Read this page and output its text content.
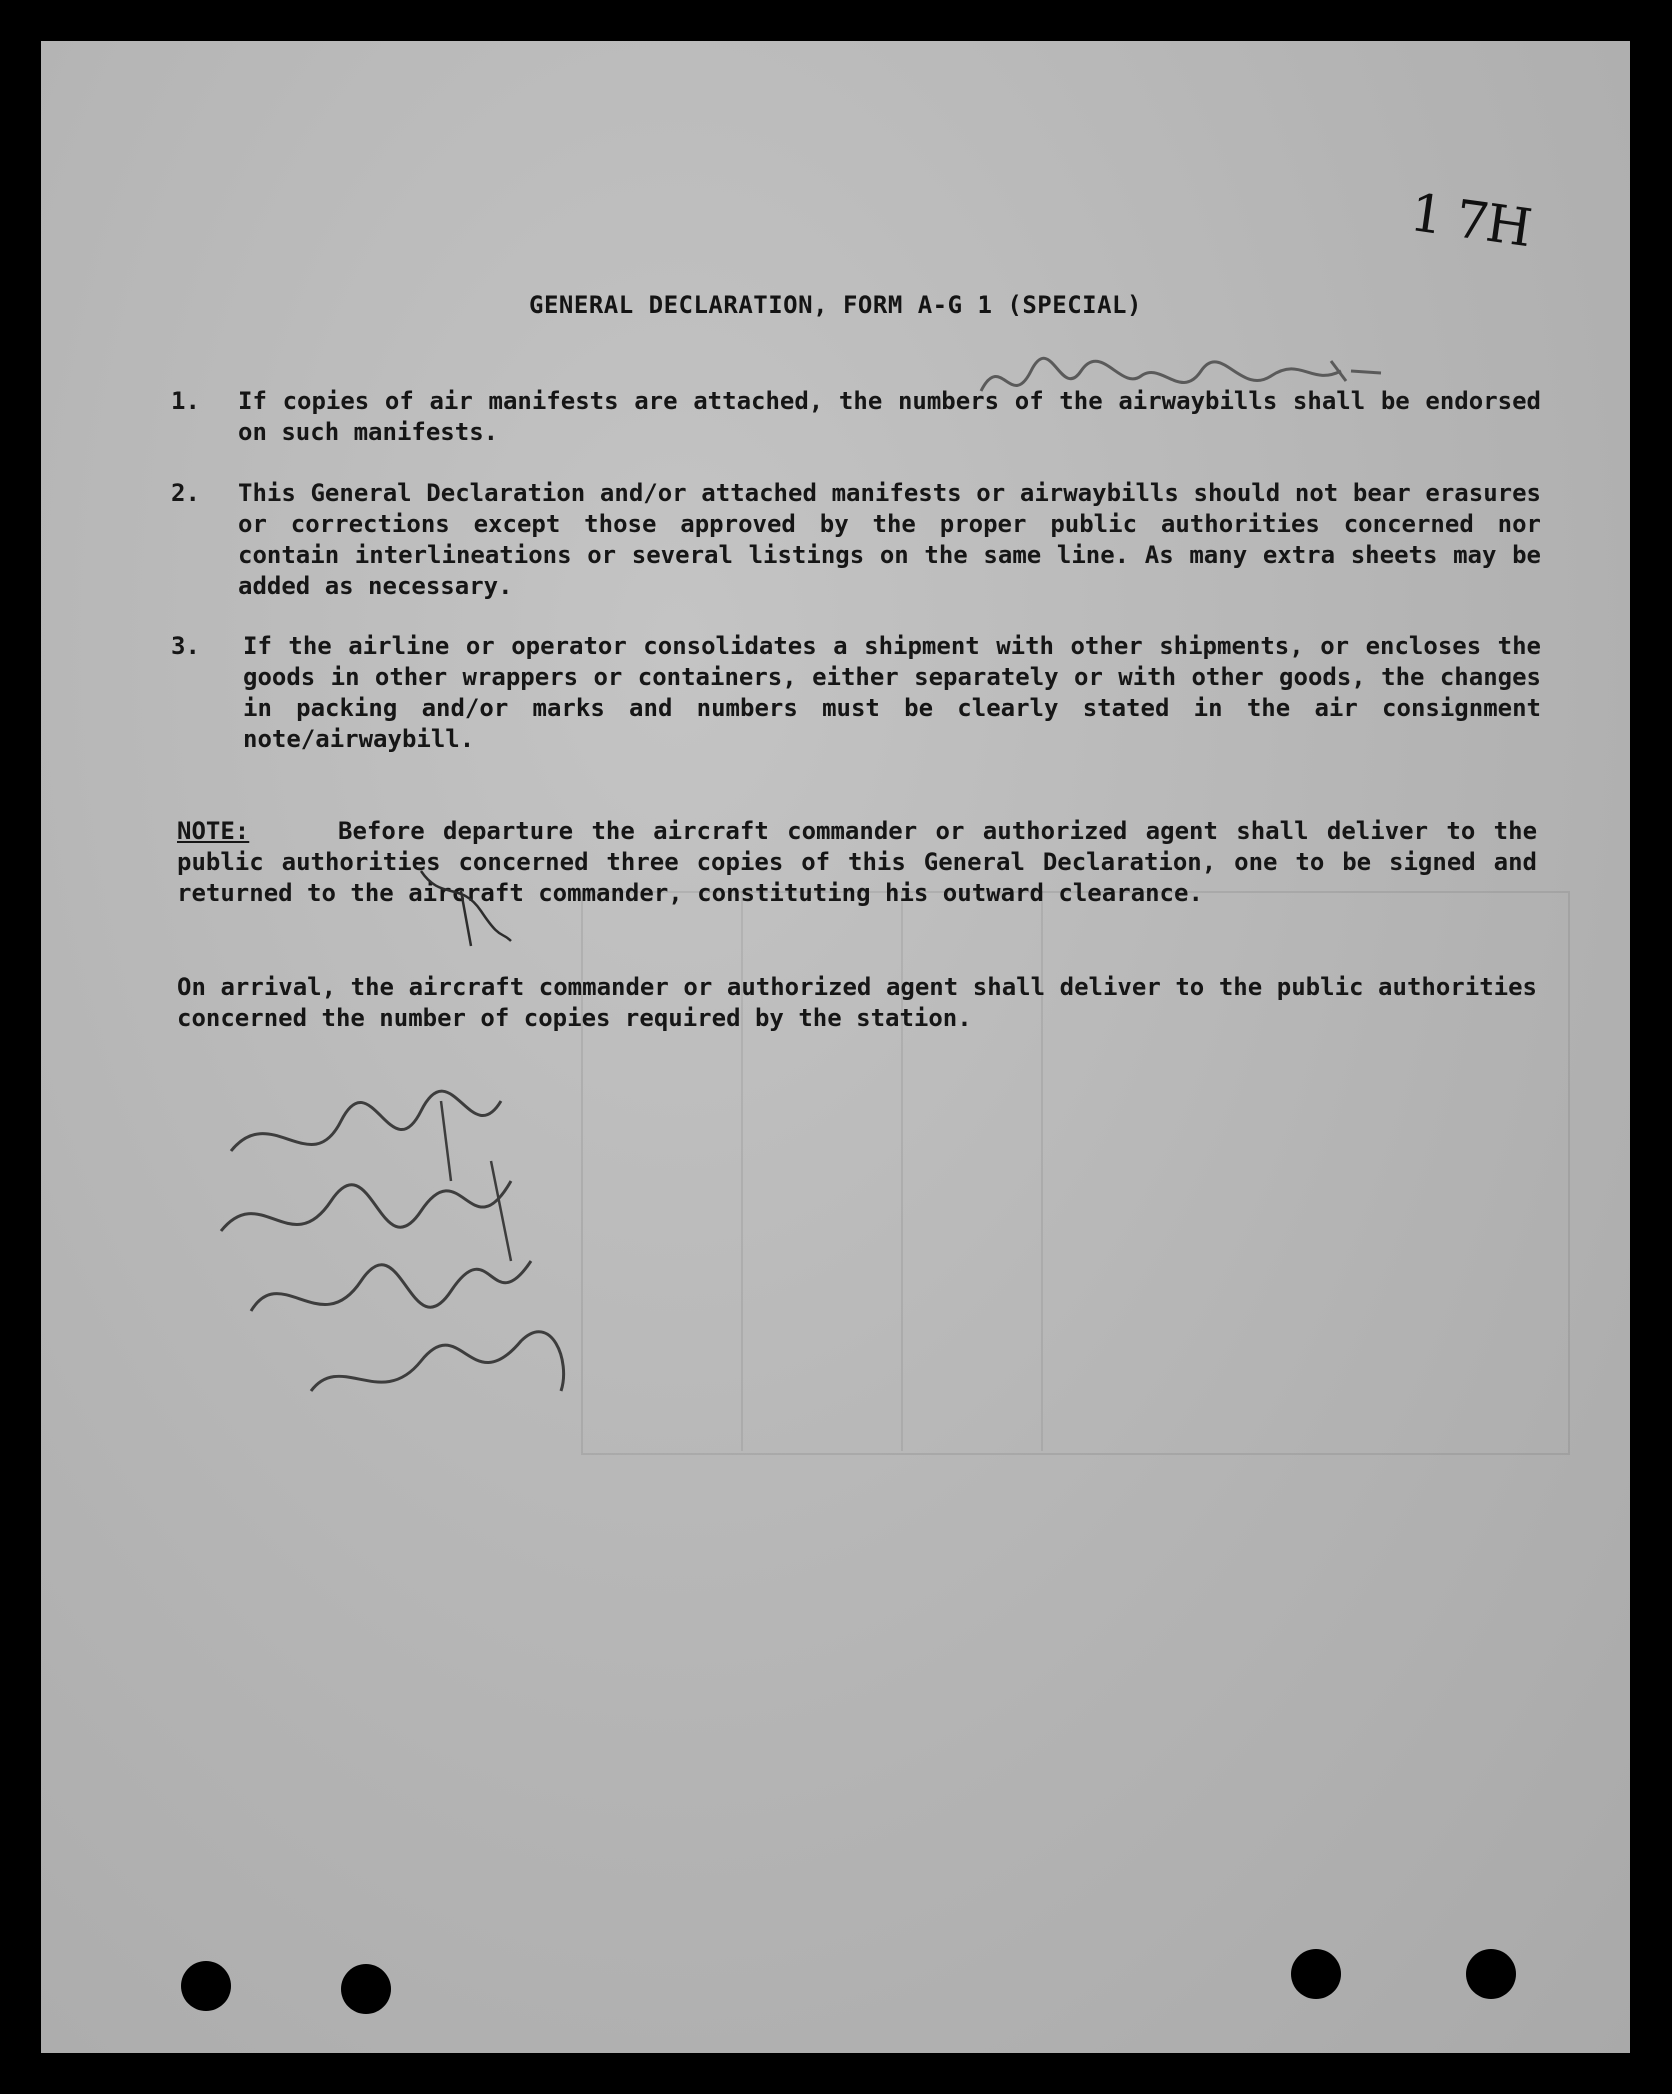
1 7H
GENERAL DECLARATION, FORM A-G 1 (SPECIAL)
1.	If copies of air manifests are attached, the numbers of the airwaybills shall be endorsed on such manifests.
2.	This General Declaration and/or attached manifests or airwaybills should not bear erasures or corrections except those approved by the proper public authorities concerned nor contain interlineations or several listings on the same line. As many extra sheets may be added as necessary.
3.	If the airline or operator consolidates a shipment with other shipments, or encloses the goods in other wrappers or containers, either separately or with other goods, the changes in packing and/or marks and numbers must be clearly stated in the air consignment note/airwaybill.
NOTE:	Before departure the aircraft commander or authorized agent shall deliver to the public authorities concerned three copies of this General Declaration, one to be signed and returned to the aircraft commander, constituting his outward clearance.
On arrival, the aircraft commander or authorized agent shall deliver to the public authorities concerned the number of copies required by the station.
